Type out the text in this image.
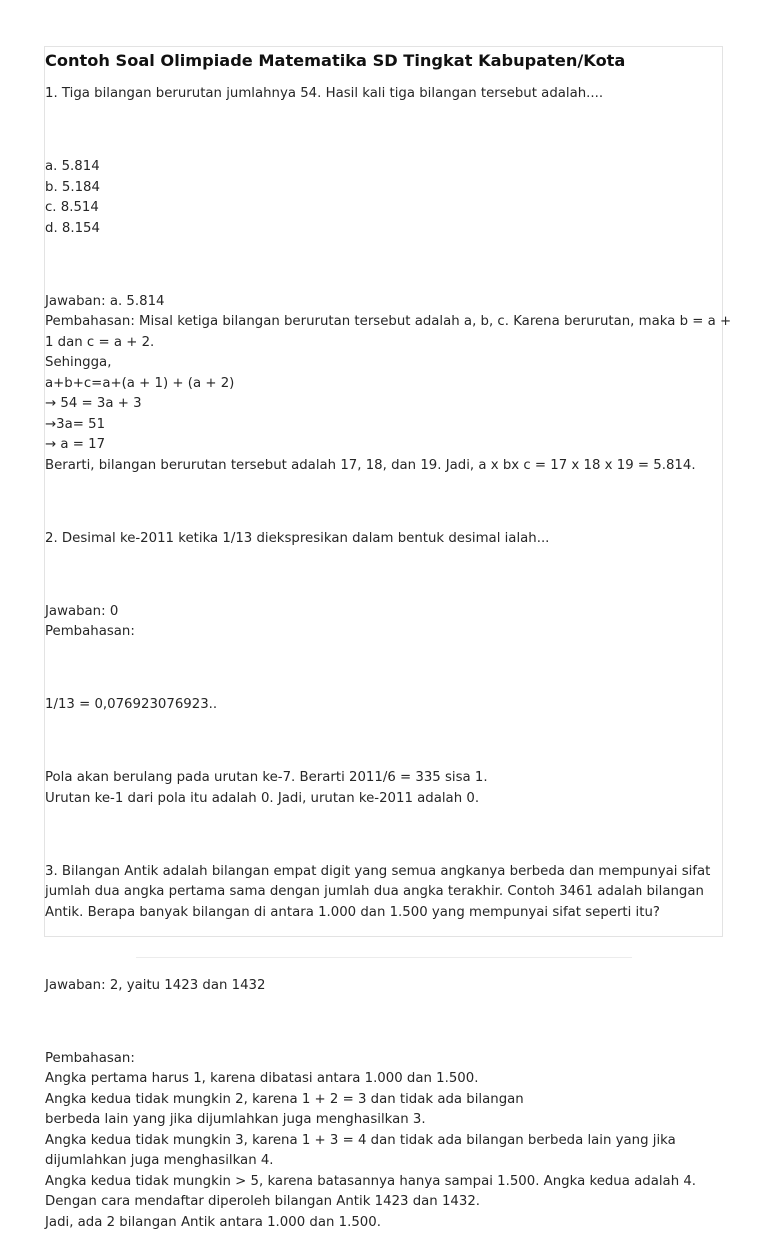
Contoh Soal Olimpiade Matematika SD Tingkat Kabupaten/Kota

1. Tiga bilangan berurutan jumlahnya 54. Hasil kali tiga bilangan tersebut adalah....

a. 5.814

b. 5.184

c. 8.514

d. 8.154

Jawaban: a. 5.814

Pembahasan: Misal ketiga bilangan berurutan tersebut adalah a, b, c. Karena berurutan, maka b = a +

1 dan c = a + 2.

Sehingga,

a+b+c=a+(a + 1) + (a + 2)

→ 54 = 3a + 3

→3a= 51

→ a = 17

Berarti, bilangan berurutan tersebut adalah 17, 18, dan 19. Jadi, a x bx c = 17 x 18 x 19 = 5.814.

2. Desimal ke-2011 ketika 1/13 diekspresikan dalam bentuk desimal ialah...

Jawaban: 0

Pembahasan:

1/13 = 0,076923076923..

Pola akan berulang pada urutan ke-7. Berarti 2011/6 = 335 sisa 1.

Urutan ke-1 dari pola itu adalah 0. Jadi, urutan ke-2011 adalah 0.

3. Bilangan Antik adalah bilangan empat digit yang semua angkanya berbeda dan mempunyai sifat

jumlah dua angka pertama sama dengan jumlah dua angka terakhir. Contoh 3461 adalah bilangan

Antik. Berapa banyak bilangan di antara 1.000 dan 1.500 yang mempunyai sifat seperti itu?

Jawaban: 2, yaitu 1423 dan 1432

Pembahasan:

Angka pertama harus 1, karena dibatasi antara 1.000 dan 1.500.

Angka kedua tidak mungkin 2, karena 1 + 2 = 3 dan tidak ada bilangan

berbeda lain yang jika dijumlahkan juga menghasilkan 3.

Angka kedua tidak mungkin 3, karena 1 + 3 = 4 dan tidak ada bilangan berbeda lain yang jika

dijumlahkan juga menghasilkan 4.

Angka kedua tidak mungkin > 5, karena batasannya hanya sampai 1.500. Angka kedua adalah 4.

Dengan cara mendaftar diperoleh bilangan Antik 1423 dan 1432.

Jadi, ada 2 bilangan Antik antara 1.000 dan 1.500.
